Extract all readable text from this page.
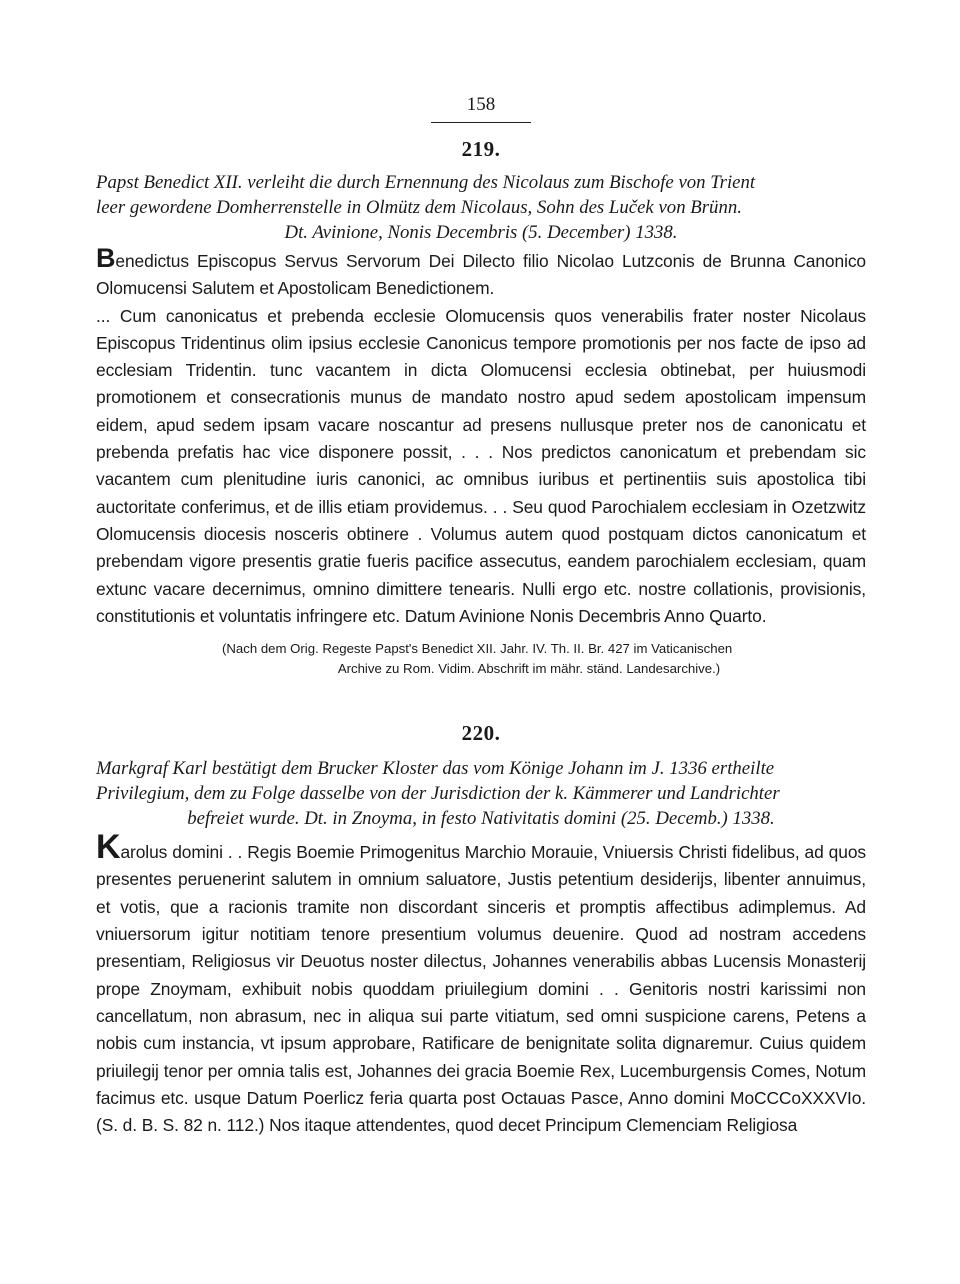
158
219.
Papst Benedict XII. verleiht die durch Ernennung des Nicolaus zum Bischofe von Trient
leer gewordene Domherrenstelle in Olmütz dem Nicolaus, Sohn des Luček von Brünn.
Dt. Avinione, Nonis Decembris (5. December) 1338.

Benedictus Episcopus Servus Servorum Dei Dilecto filio Nicolao Lutzconis de Brunna Canonico Olomucensi Salutem et Apostolicam Benedictionem.

... Cum canonicatus et prebenda ecclesie Olomucensis quos venerabilis frater noster Nicolaus Episcopus Tridentinus olim ipsius ecclesie Canonicus tempore promotionis per nos facte de ipso ad ecclesiam Tridentin. tunc vacantem in dicta Olomucensi ecclesia obtinebat, per huiusmodi promotionem et consecrationis munus de mandato nostro apud sedem apostolicam impensum eidem, apud sedem ipsam vacare noscantur ad presens nullusque preter nos de canonicatu et prebenda prefatis hac vice disponere possit, . . . Nos predictos canonicatum et prebendam sic vacantem cum plenitudine iuris canonici, ac omnibus iuribus et pertinentiis suis apostolica tibi auctoritate conferimus, et de illis etiam providemus. . . Seu quod Parochialem ecclesiam in Ozetzwitz Olomucensis diocesis nosceris obtinere . Volumus autem quod postquam dictos canonicatum et prebendam vigore presentis gratie fueris pacifice assecutus, eandem parochialem ecclesiam, quam extunc vacare decernimus, omnino dimittere tenearis. Nulli ergo etc. nostre collationis, provisionis, constitutionis et voluntatis infringere etc. Datum Avinione Nonis Decembris Anno Quarto.

(Nach dem Orig. Regeste Papst's Benedict XII. Jahr. IV. Th. II. Br. 427 im Vaticanischen
Archive zu Rom. Vidim. Abschrift im mähr. ständ. Landesarchive.)
220.
Markgraf Karl bestätigt dem Brucker Kloster das vom Könige Johann im J. 1336 ertheilte
Privilegium, dem zu Folge dasselbe von der Jurisdiction der k. Kämmerer und Landrichter
befreiet wurde. Dt. in Znoyma, in festo Nativitatis domini (25. Decemb.) 1338.

Karolus domini . . Regis Boemie Primogenitus Marchio Morauie, Vniuersis Christi fidelibus, ad quos presentes peruenerint salutem in omnium saluatore, Justis petentium desiderijs, libenter annuimus, et votis, que a racionis tramite non discordant sinceris et promptis affectibus adimplemus. Ad vniuersorum igitur notitiam tenore presentium volumus deuenire. Quod ad nostram accedens presentiam, Religiosus vir Deuotus noster dilectus, Johannes venerabilis abbas Lucensis Monasterij prope Znoymam, exhibuit nobis quoddam priuilegium domini . . Genitoris nostri karissimi non cancellatum, non abrasum, nec in aliqua sui parte vitiatum, sed omni suspicione carens, Petens a nobis cum instancia, vt ipsum approbare, Ratificare de benignitate solita dignaremur. Cuius quidem priuilegij tenor per omnia talis est, Johannes dei gracia Boemie Rex, Lucemburgensis Comes, Notum facimus etc. usque Datum Poerlicz feria quarta post Octauas Pasce, Anno domini MoCCCoXXXVIo. (S. d. B. S. 82 n. 112.) Nos itaque attendentes, quod decet Principum Clemenciam Religiosa
